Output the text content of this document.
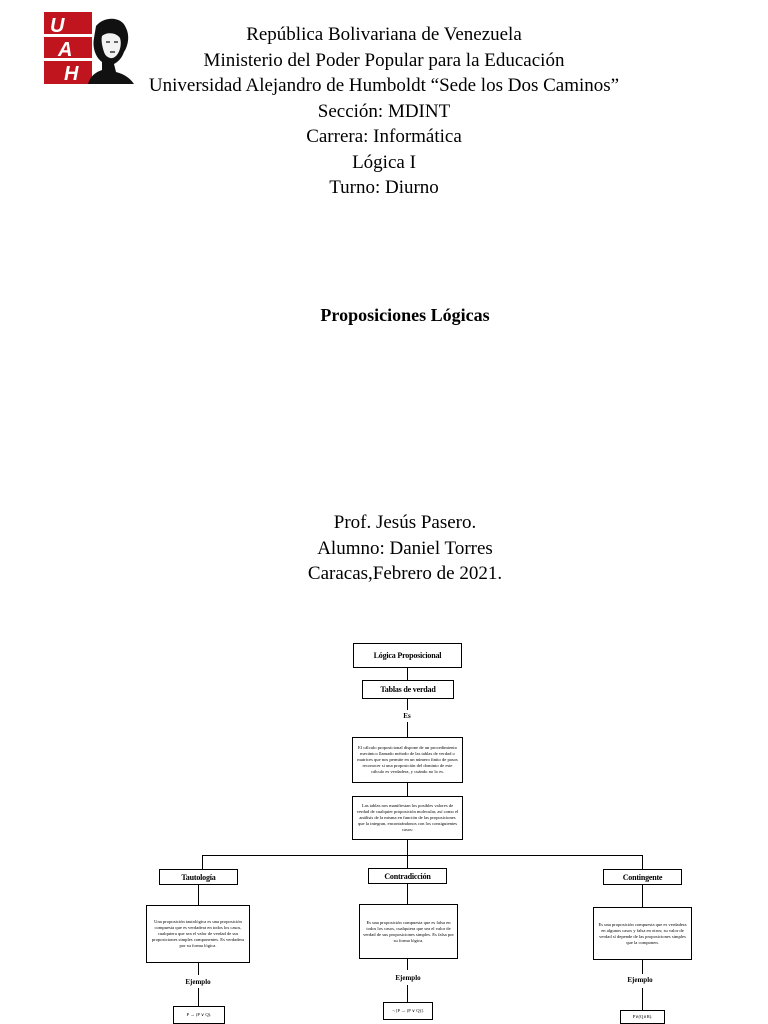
U
A
H
República Bolivariana de Venezuela
Ministerio del Poder Popular para la Educación
Universidad Alejandro de Humboldt “Sede los Dos Caminos”
Sección: MDINT
Carrera: Informática
Lógica I
Turno: Diurno
Proposiciones Lógicas
Prof. Jesús Pasero.
Alumno: Daniel Torres
Caracas,Febrero de 2021.
Lógica Proposicional
Tablas de verdad
Es
El cálculo proposicional dispone de un procedimiento mecánico llamado método de las tablas de verdad o matrices que nos permite en un número finito de pasos reconocer si una proposición del dominio de este cálculo es verdadera, y cuándo no lo es.
Las tablas nos manifiestan los posibles valores de verdad de cualquier proposición molecular, así como el análisis de la misma en función de las proposiciones que la integran, encontrándonos con los consiguientes casos:
Tautología
Una proposición tautológica es una proposición compuesta que es verdadera en todos los casos, cualquiera que sea el valor de verdad de sus proposiciones simples componentes. Es verdadera por su forma lógica.
Ejemplo
P → (P ∨ Q).
Contradicción
Es una proposición compuesta que es falsa en todos los casos, cualquiera que sea el valor de verdad de sus proposiciones simples. Es falsa por su forma lógica.
Ejemplo
¬ [P → (P ∨ Q)].
Contingente
Es una proposición compuesta que es verdadera en algunos casos y falsa en otros; su valor de verdad sí depende de las proposiciones simples que la componen.
Ejemplo
P∨(Q∧R).
